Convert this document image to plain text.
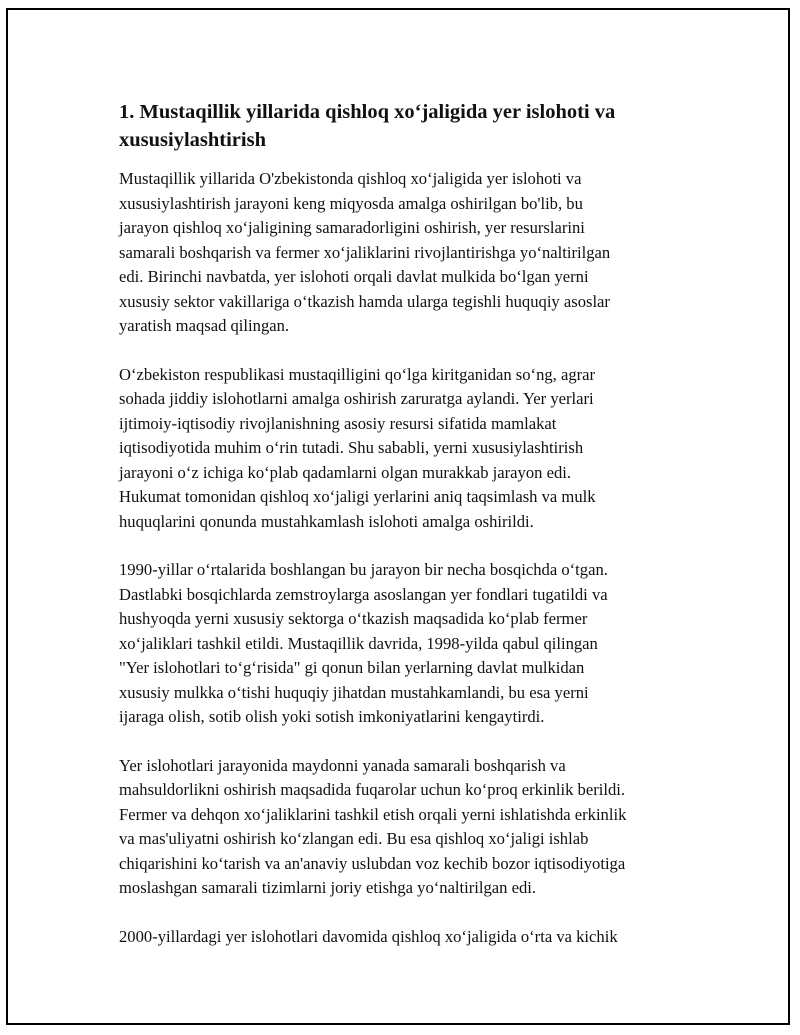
1. Mustaqillik yillarida qishloq xo‘jaligida yer islohoti va
xususiylashtirish

Mustaqillik yillarida O'zbekistonda qishloq xo‘jaligida yer islohoti va
xususiylashtirish jarayoni keng miqyosda amalga oshirilgan bo'lib, bu
jarayon qishloq xo‘jaligining samaradorligini oshirish, yer resurslarini
samarali boshqarish va fermer xo‘jaliklarini rivojlantirishga yo‘naltirilgan
edi. Birinchi navbatda, yer islohoti orqali davlat mulkida bo‘lgan yerni
xususiy sektor vakillariga o‘tkazish hamda ularga tegishli huquqiy asoslar
yaratish maqsad qilingan.

O‘zbekiston respublikasi mustaqilligini qo‘lga kiritganidan so‘ng, agrar
sohada jiddiy islohotlarni amalga oshirish zaruratga aylandi. Yer yerlari
ijtimoiy-iqtisodiy rivojlanishning asosiy resursi sifatida mamlakat
iqtisodiyotida muhim o‘rin tutadi. Shu sababli, yerni xususiylashtirish
jarayoni o‘z ichiga ko‘plab qadamlarni olgan murakkab jarayon edi.
Hukumat tomonidan qishloq xo‘jaligi yerlarini aniq taqsimlash va mulk
huquqlarini qonunda mustahkamlash islohoti amalga oshirildi.

1990-yillar o‘rtalarida boshlangan bu jarayon bir necha bosqichda o‘tgan.
Dastlabki bosqichlarda zemstroylarga asoslangan yer fondlari tugatildi va
hushyoqda yerni xususiy sektorga o‘tkazish maqsadida ko‘plab fermer
xo‘jaliklari tashkil etildi. Mustaqillik davrida, 1998-yilda qabul qilingan
"Yer islohotlari to‘g‘risida" gi qonun bilan yerlarning davlat mulkidan
xususiy mulkka o‘tishi huquqiy jihatdan mustahkamlandi, bu esa yerni
ijaraga olish, sotib olish yoki sotish imkoniyatlarini kengaytirdi.

Yer islohotlari jarayonida maydonni yanada samarali boshqarish va
mahsuldorlikni oshirish maqsadida fuqarolar uchun ko‘proq erkinlik berildi.
Fermer va dehqon xo‘jaliklarini tashkil etish orqali yerni ishlatishda erkinlik
va mas'uliyatni oshirish ko‘zlangan edi. Bu esa qishloq xo‘jaligi ishlab
chiqarishini ko‘tarish va an'anaviy uslubdan voz kechib bozor iqtisodiyotiga
moslashgan samarali tizimlarni joriy etishga yo‘naltirilgan edi.

2000-yillardagi yer islohotlari davomida qishloq xo‘jaligida o‘rta va kichik
